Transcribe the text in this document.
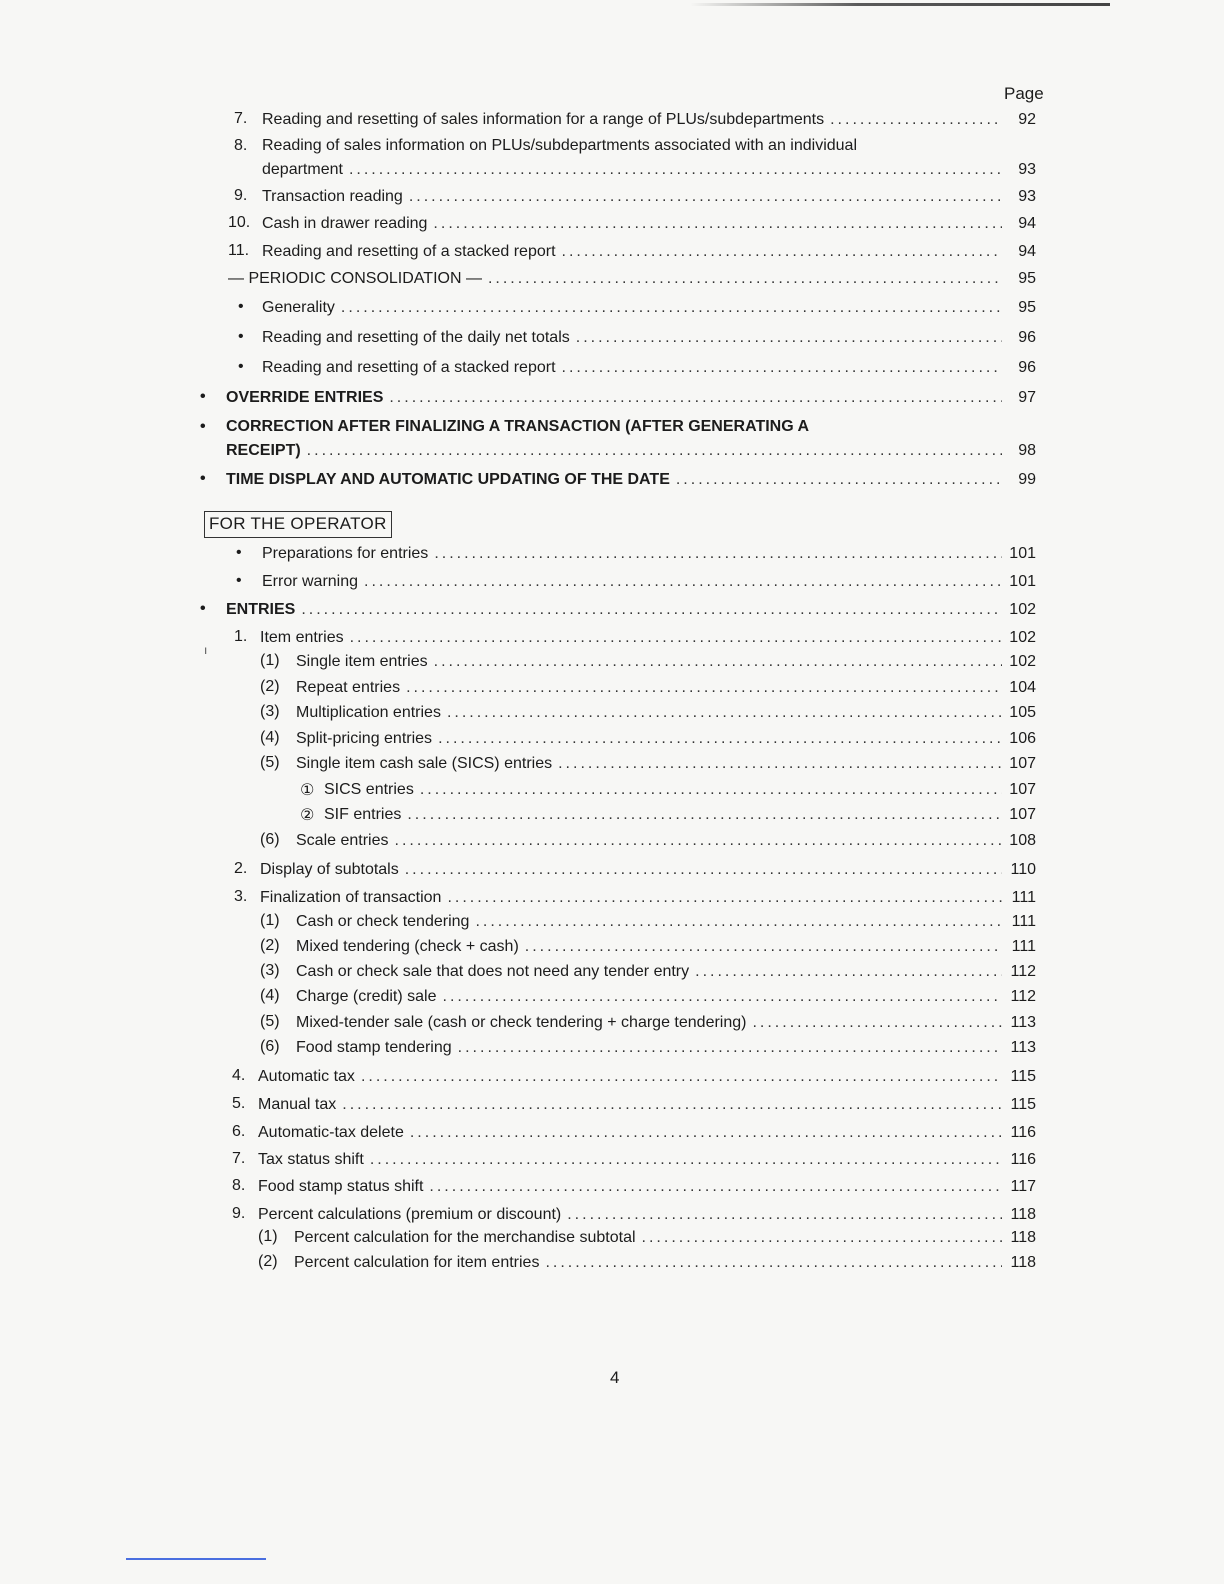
Page
7. Reading and resetting of sales information for a range of PLUs/subdepartments .....	92
8. Reading of sales information on PLUs/subdepartments associated with an individual
department .....	93
9. Transaction reading .....	93
10. Cash in drawer reading .....	94
11. Reading and resetting of a stacked report .....	94
— PERIODIC CONSOLIDATION — .....	95
• Generality .....	95
• Reading and resetting of the daily net totals .....	96
• Reading and resetting of a stacked report .....	96
• OVERRIDE ENTRIES .....	97
• CORRECTION AFTER FINALIZING A TRANSACTION (AFTER GENERATING A
RECEIPT) .....	98
• TIME DISPLAY AND AUTOMATIC UPDATING OF THE DATE .....	99
• Preparations for entries .....	101
• Error warning .....	101
• ENTRIES .....	102
1. Item entries .....	102
(1) Single item entries .....	102
(2) Repeat entries .....	104
(3) Multiplication entries .....	105
(4) Split-pricing entries .....	106
(5) Single item cash sale (SICS) entries .....	107
① SICS entries .....	107
② SIF entries .....	107
(6) Scale entries .....	108
2. Display of subtotals .....	110
3. Finalization of transaction .....	111
(1) Cash or check tendering .....	111
(2) Mixed tendering (check + cash) .....	111
(3) Cash or check sale that does not need any tender entry .....	112
(4) Charge (credit) sale .....	112
(5) Mixed-tender sale (cash or check tendering + charge tendering) .....	113
(6) Food stamp tendering .....	113
4. Automatic tax .....	115
5. Manual tax .....	115
6. Automatic-tax delete .....	116
7. Tax status shift .....	116
8. Food stamp status shift .....	117
9. Percent calculations (premium or discount) .....	118
(1) Percent calculation for the merchandise subtotal .....	118
(2) Percent calculation for item entries .....	118
FOR THE OPERATOR
ı
4
